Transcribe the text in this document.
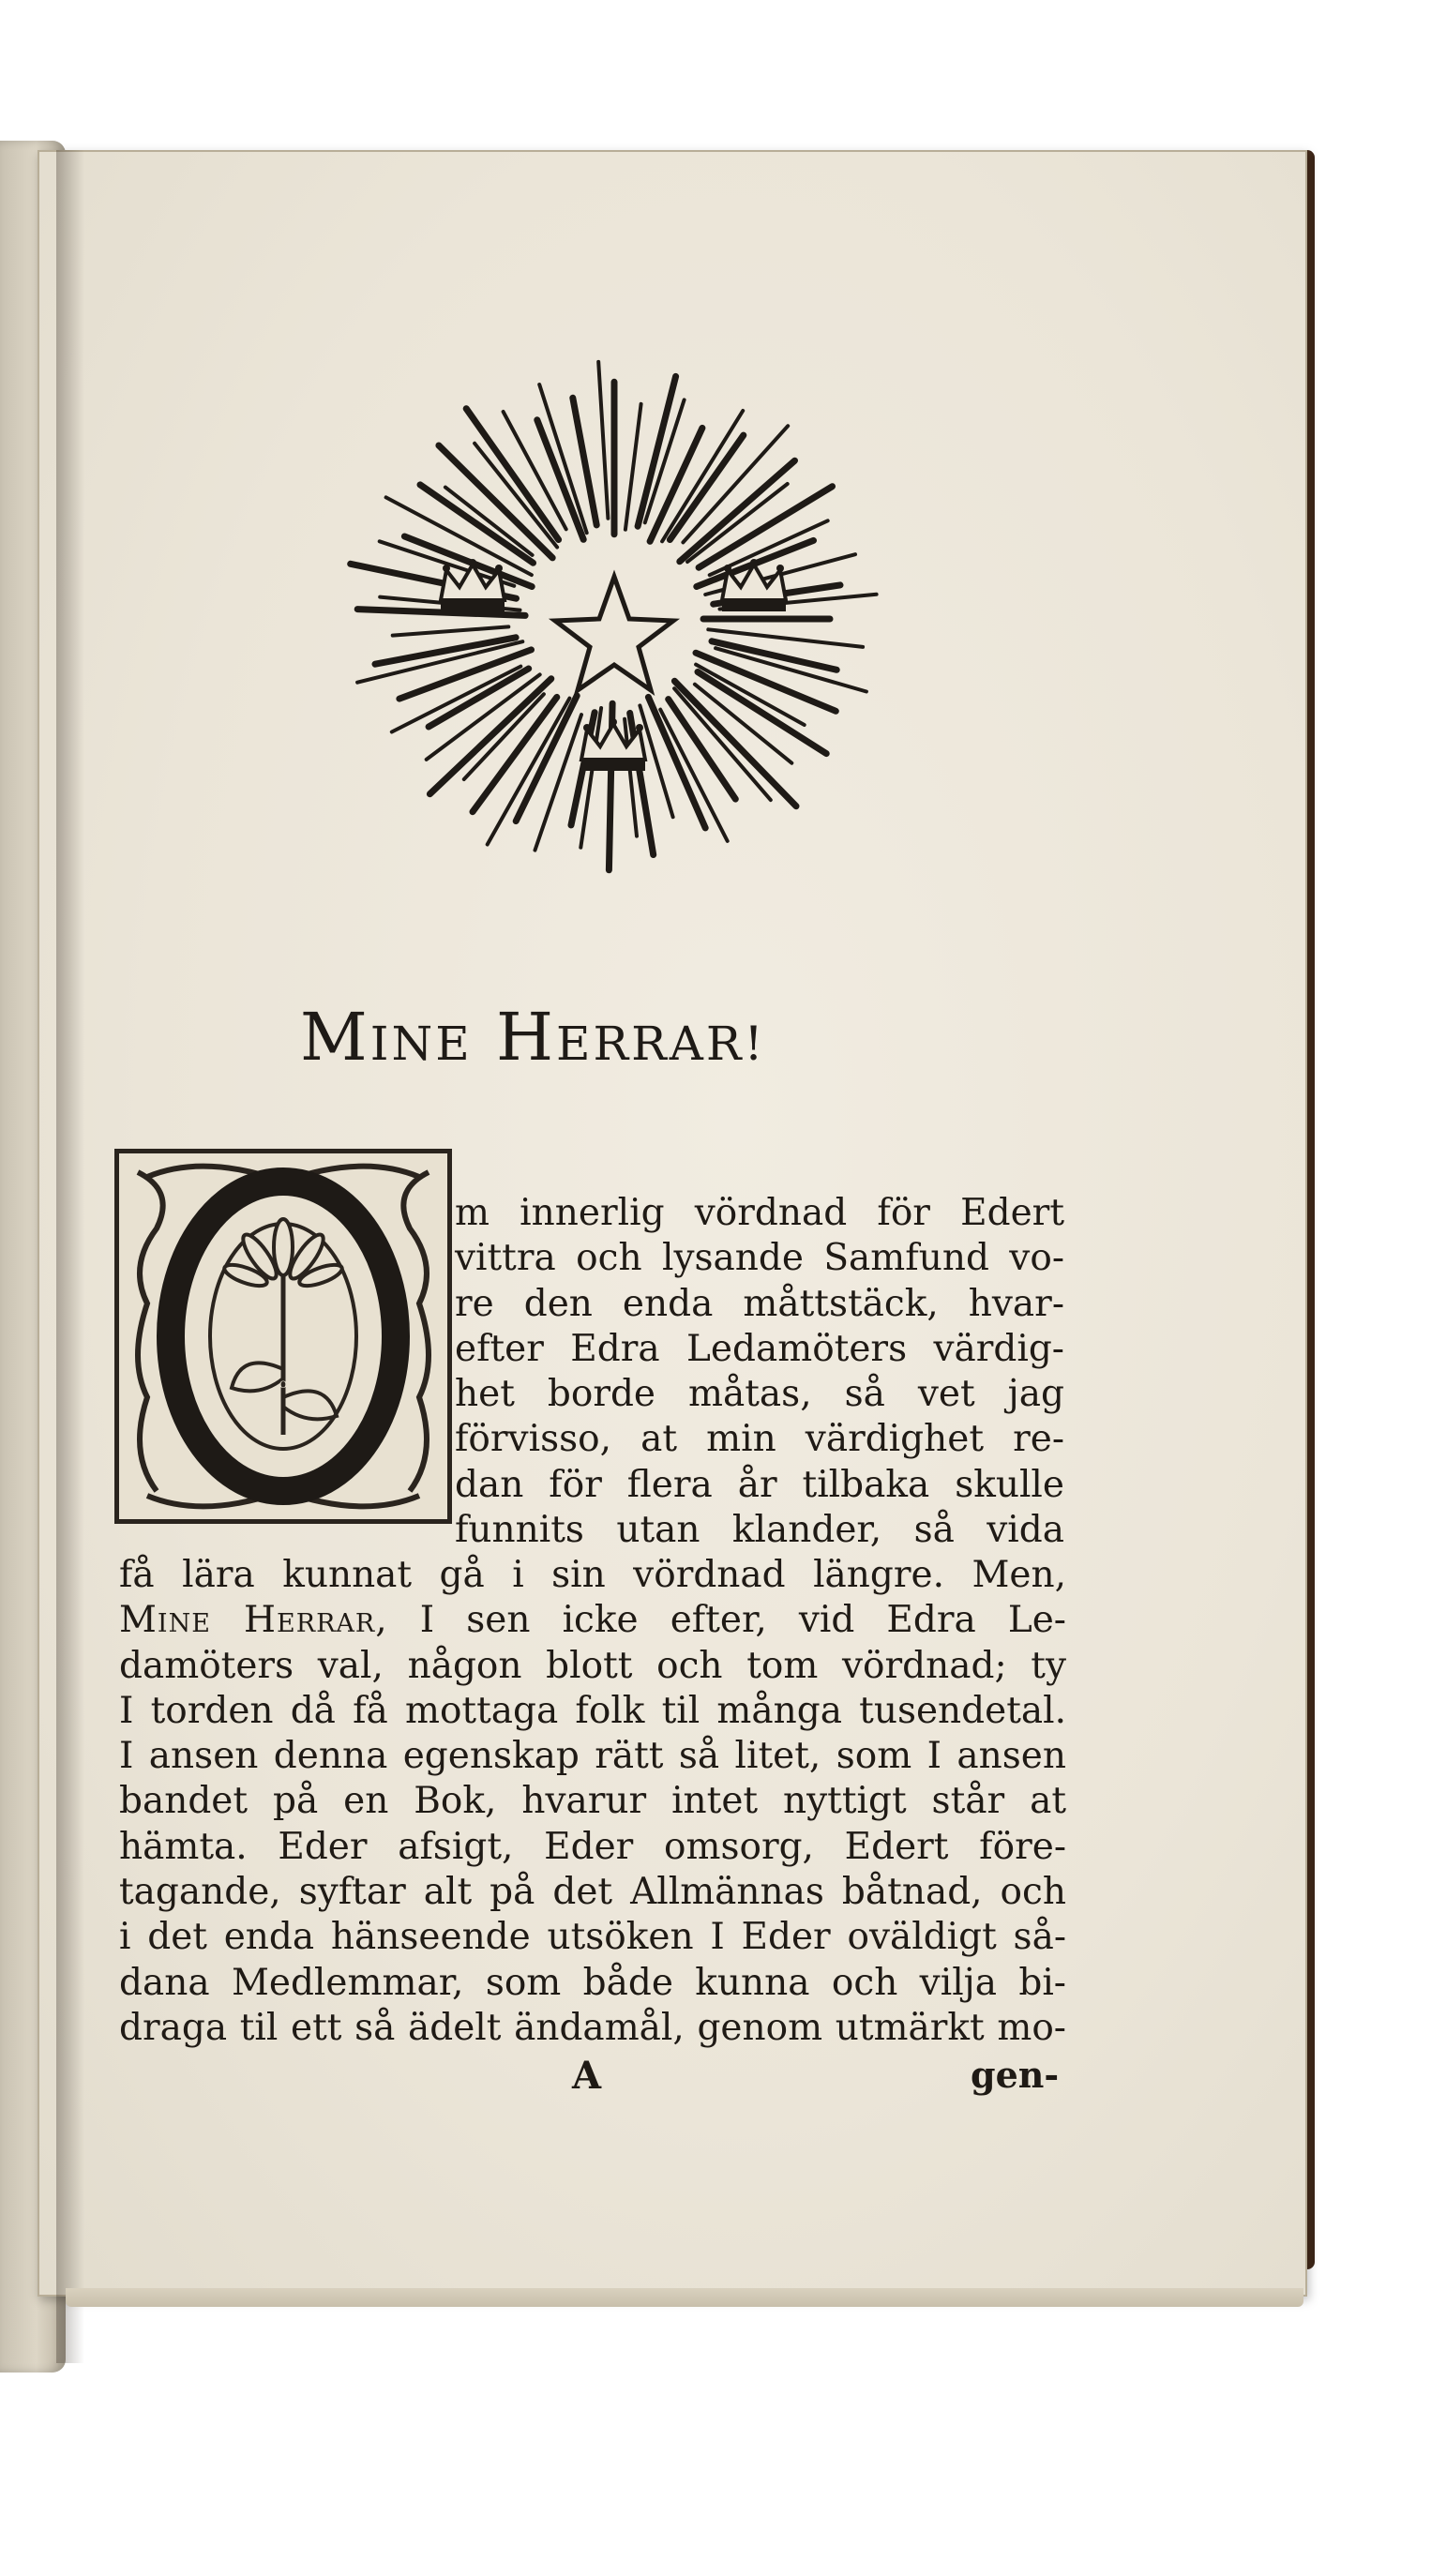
MINE HERRAR!
O
m innerlig vördnad för Edert
vittra och lysande Samfund vo-
re den enda måttstäck, hvar-
efter Edra Ledamöters värdig-
het borde måtas, så vet jag
förvisso, at min värdighet re-
dan för flera år tilbaka skulle
funnits utan klander, så vida
få lära kunnat gå i sin vördnad längre. Men,
Mine Herrar, I sen icke efter, vid Edra Le-
damöters val, någon blott och tom vördnad; ty
I torden då få mottaga folk til många tusendetal.
I ansen denna egenskap rätt så litet, som I ansen
bandet på en Bok, hvarur intet nyttigt står at
hämta. Eder afsigt, Eder omsorg, Edert före-
tagande, syftar alt på det Allmännas båtnad, och
i det enda hänseende utsöken I Eder oväldigt så-
dana Medlemmar, som både kunna och vilja bi-
draga til ett så ädelt ändamål, genom utmärkt mo-
A	gen-
